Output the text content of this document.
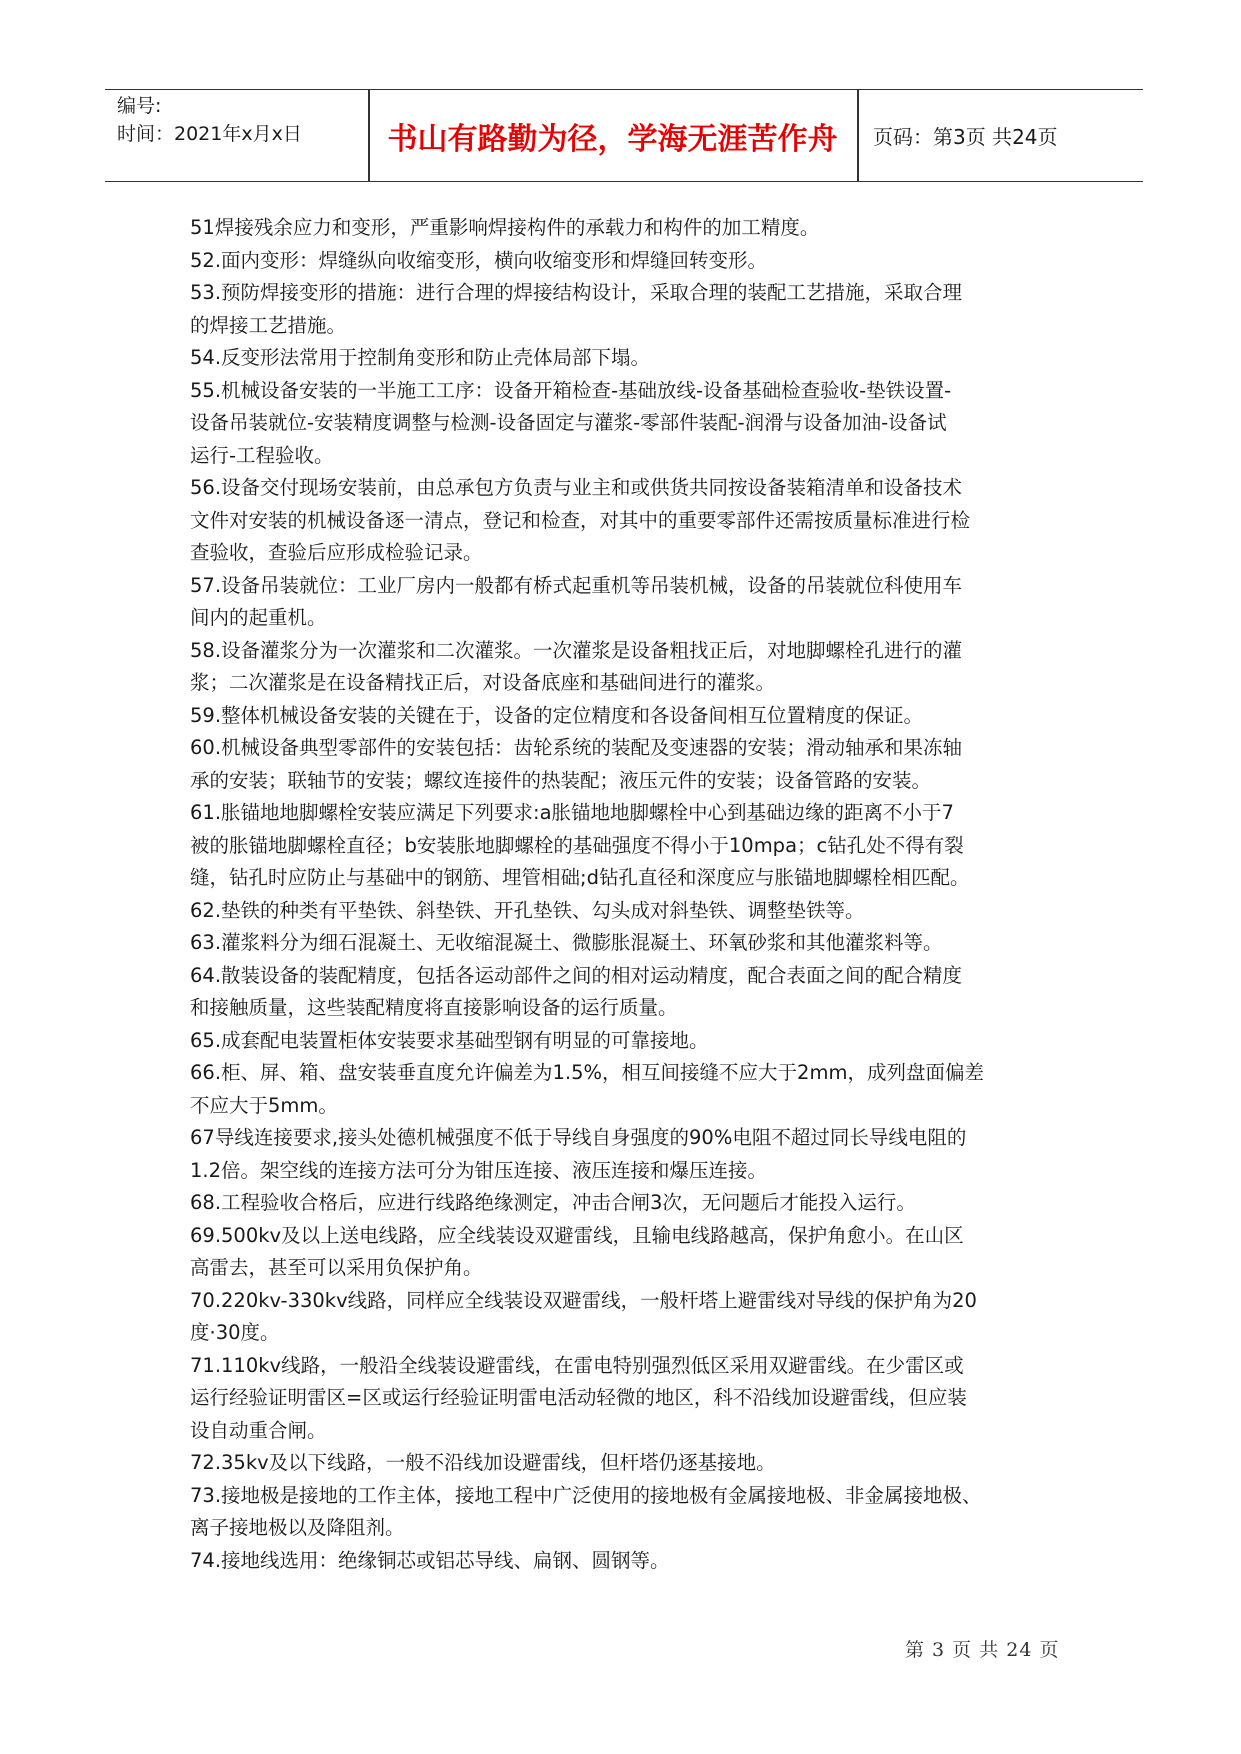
编号:
时间：2021年x月x日	书山有路勤为径，学海无涯苦作舟	页码：第3页 共24页
51焊接残余应力和变形，严重影响焊接构件的承载力和构件的加工精度。
52.面内变形：焊缝纵向收缩变形，横向收缩变形和焊缝回转变形。
53.预防焊接变形的措施：进行合理的焊接结构设计，采取合理的装配工艺措施，采取合理
的焊接工艺措施。
54.反变形法常用于控制角变形和防止壳体局部下塌。
55.机械设备安装的一半施工工序：设备开箱检查-基础放线-设备基础检查验收-垫铁设置-
设备吊装就位-安装精度调整与检测-设备固定与灌浆-零部件装配-润滑与设备加油-设备试
运行-工程验收。
56.设备交付现场安装前，由总承包方负责与业主和或供货共同按设备装箱清单和设备技术
文件对安装的机械设备逐一清点，登记和检查，对其中的重要零部件还需按质量标准进行检
查验收，查验后应形成检验记录。
57.设备吊装就位：工业厂房内一般都有桥式起重机等吊装机械，设备的吊装就位科使用车
间内的起重机。
58.设备灌浆分为一次灌浆和二次灌浆。一次灌浆是设备粗找正后，对地脚螺栓孔进行的灌
浆；二次灌浆是在设备精找正后，对设备底座和基础间进行的灌浆。
59.整体机械设备安装的关键在于，设备的定位精度和各设备间相互位置精度的保证。
60.机械设备典型零部件的安装包括：齿轮系统的装配及变速器的安装；滑动轴承和果冻轴
承的安装；联轴节的安装；螺纹连接件的热装配；液压元件的安装；设备管路的安装。
61.胀锚地地脚螺栓安装应满足下列要求:a胀锚地地脚螺栓中心到基础边缘的距离不小于7
被的胀锚地脚螺栓直径；b安装胀地脚螺栓的基础强度不得小于10mpa；c钻孔处不得有裂
缝，钻孔时应防止与基础中的钢筋、埋管相础;d钻孔直径和深度应与胀锚地脚螺栓相匹配。
62.垫铁的种类有平垫铁、斜垫铁、开孔垫铁、勾头成对斜垫铁、调整垫铁等。
63.灌浆料分为细石混凝土、无收缩混凝土、微膨胀混凝土、环氧砂浆和其他灌浆料等。
64.散装设备的装配精度，包括各运动部件之间的相对运动精度，配合表面之间的配合精度
和接触质量，这些装配精度将直接影响设备的运行质量。
65.成套配电装置柜体安装要求基础型钢有明显的可靠接地。
66.柜、屏、箱、盘安装垂直度允许偏差为1.5%，相互间接缝不应大于2mm，成列盘面偏差
不应大于5mm。
67导线连接要求,接头处德机械强度不低于导线自身强度的90%电阻不超过同长导线电阻的
1.2倍。架空线的连接方法可分为钳压连接、液压连接和爆压连接。
68.工程验收合格后，应进行线路绝缘测定，冲击合闸3次，无问题后才能投入运行。
69.500kv及以上送电线路，应全线装设双避雷线，且输电线路越高，保护角愈小。在山区
高雷去，甚至可以采用负保护角。
70.220kv-330kv线路，同样应全线装设双避雷线，一般杆塔上避雷线对导线的保护角为20
度·30度。
71.110kv线路，一般沿全线装设避雷线，在雷电特别强烈低区采用双避雷线。在少雷区或
运行经验证明雷区=区或运行经验证明雷电活动轻微的地区，科不沿线加设避雷线，但应装
设自动重合闸。
72.35kv及以下线路，一般不沿线加设避雷线，但杆塔仍逐基接地。
73.接地极是接地的工作主体，接地工程中广泛使用的接地极有金属接地极、非金属接地极、
离子接地极以及降阻剂。
74.接地线选用：绝缘铜芯或铝芯导线、扁钢、圆钢等。
第 3 页 共 24 页
